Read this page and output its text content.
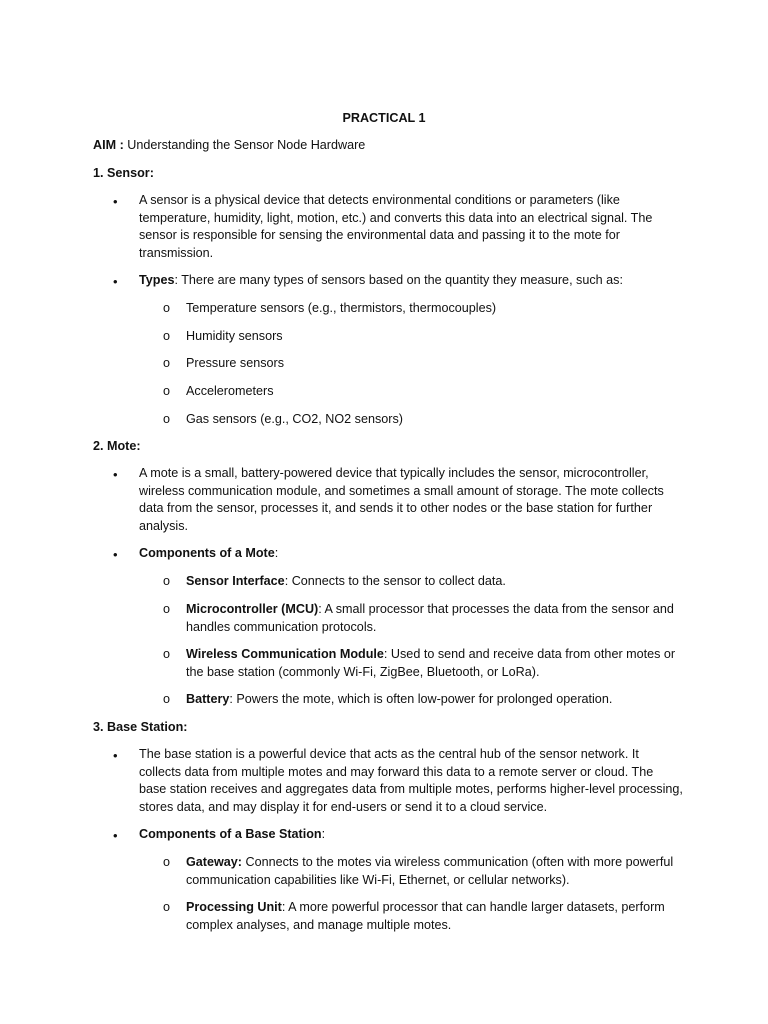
PRACTICAL 1
AIM : Understanding the Sensor Node Hardware
1. Sensor:
• A sensor is a physical device that detects environmental conditions or parameters (like temperature, humidity, light, motion, etc.) and converts this data into an electrical signal. The sensor is responsible for sensing the environmental data and passing it to the mote for transmission.
• Types: There are many types of sensors based on the quantity they measure, such as:
o Temperature sensors (e.g., thermistors, thermocouples)
o Humidity sensors
o Pressure sensors
o Accelerometers
o Gas sensors (e.g., CO2, NO2 sensors)
2. Mote:
• A mote is a small, battery-powered device that typically includes the sensor, microcontroller, wireless communication module, and sometimes a small amount of storage. The mote collects data from the sensor, processes it, and sends it to other nodes or the base station for further analysis.
• Components of a Mote:
o Sensor Interface: Connects to the sensor to collect data.
o Microcontroller (MCU): A small processor that processes the data from the sensor and handles communication protocols.
o Wireless Communication Module: Used to send and receive data from other motes or the base station (commonly Wi-Fi, ZigBee, Bluetooth, or LoRa).
o Battery: Powers the mote, which is often low-power for prolonged operation.
3. Base Station:
• The base station is a powerful device that acts as the central hub of the sensor network. It collects data from multiple motes and may forward this data to a remote server or cloud. The base station receives and aggregates data from multiple motes, performs higher-level processing, stores data, and may display it for end-users or send it to a cloud service.
• Components of a Base Station:
o Gateway: Connects to the motes via wireless communication (often with more powerful communication capabilities like Wi-Fi, Ethernet, or cellular networks).
o Processing Unit: A more powerful processor that can handle larger datasets, perform complex analyses, and manage multiple motes.
